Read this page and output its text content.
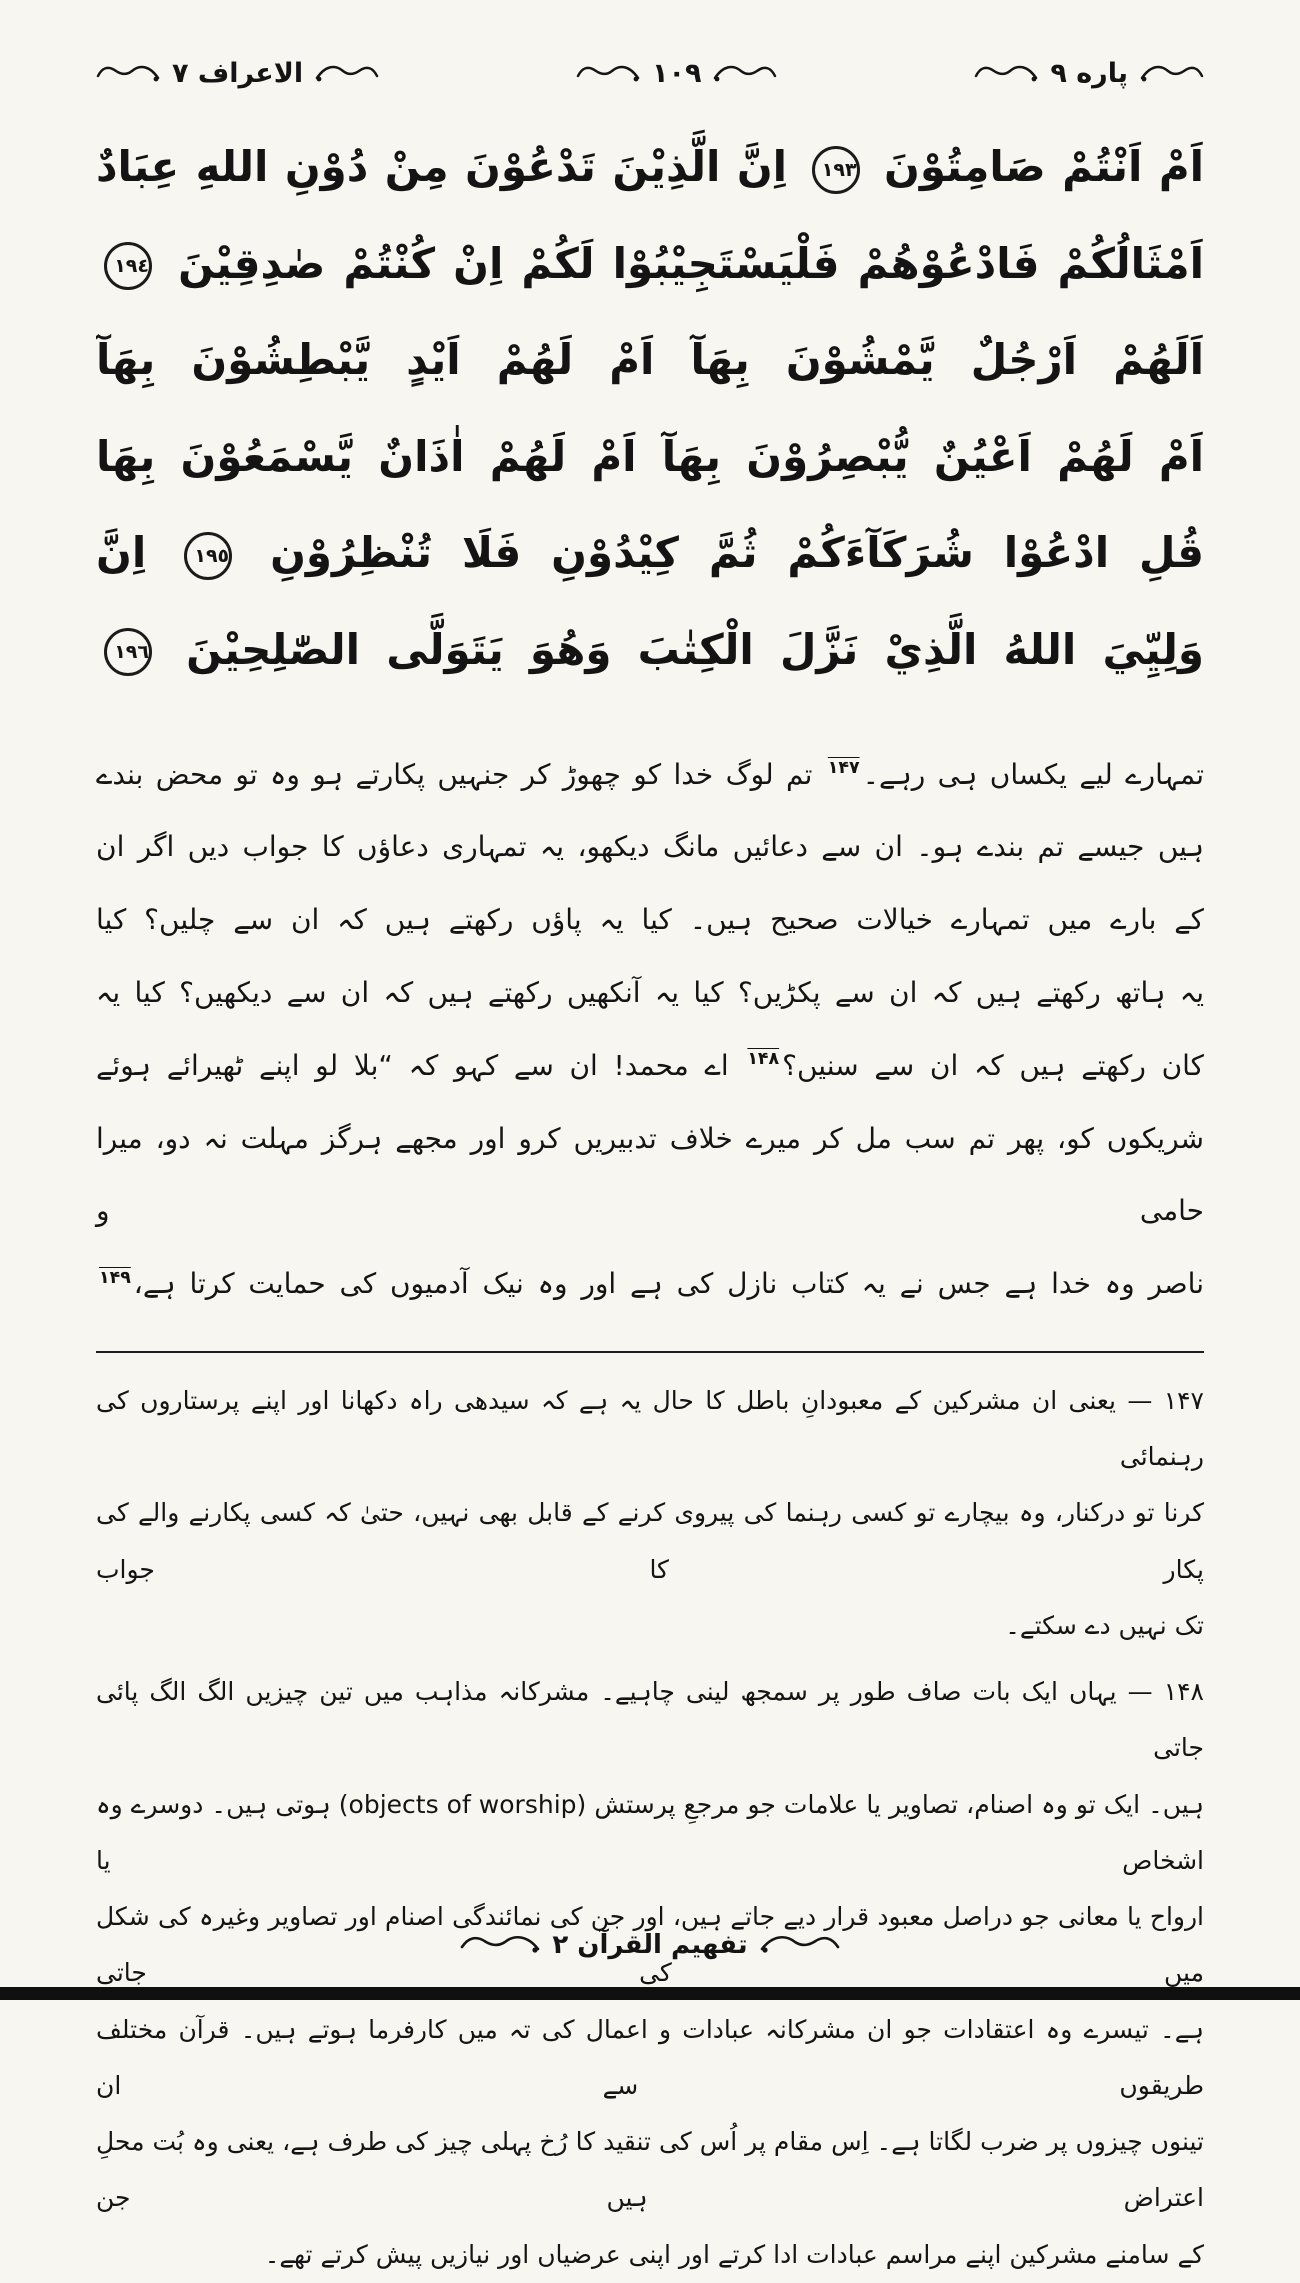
پاره ۹
۱۰۹
الاعراف ۷
اَمْ اَنْتُمْ صَامِتُوْنَ ١٩٣ اِنَّ الَّذِيْنَ تَدْعُوْنَ مِنْ دُوْنِ اللهِ عِبَادٌ
اَمْثَالُكُمْ فَادْعُوْهُمْ فَلْيَسْتَجِيْبُوْا لَكُمْ اِنْ كُنْتُمْ صٰدِقِيْنَ ١٩٤
اَلَهُمْ اَرْجُلٌ يَّمْشُوْنَ بِهَآ اَمْ لَهُمْ اَيْدٍ يَّبْطِشُوْنَ بِهَآ
اَمْ لَهُمْ اَعْيُنٌ يُّبْصِرُوْنَ بِهَآ اَمْ لَهُمْ اٰذَانٌ يَّسْمَعُوْنَ بِهَا
قُلِ ادْعُوْا شُرَكَآءَكُمْ ثُمَّ كِيْدُوْنِ فَلَا تُنْظِرُوْنِ ١٩٥ اِنَّ
وَلِيِّيَ اللهُ الَّذِيْ نَزَّلَ الْكِتٰبَ وَهُوَ يَتَوَلَّى الصّٰلِحِيْنَ ١٩٦
تمہارے لیے یکساں ہی رہے۔$^{۱۴۷}$ تم لوگ خدا کو چھوڑ کر جنہیں پکارتے ہو وہ تو محض بندے
ہیں جیسے تم بندے ہو۔ ان سے دعائیں مانگ دیکھو، یہ تمہاری دعاؤں کا جواب دیں اگر ان
کے بارے میں تمہارے خیالات صحیح ہیں۔ کیا یہ پاؤں رکھتے ہیں کہ ان سے چلیں؟ کیا
یہ ہاتھ رکھتے ہیں کہ ان سے پکڑیں؟ کیا یہ آنکھیں رکھتے ہیں کہ ان سے دیکھیں؟ کیا یہ
کان رکھتے ہیں کہ ان سے سنیں؟$^{۱۴۸}$ اے محمد! ان سے کہو کہ “بلا لو اپنے ٹھیرائے ہوئے
شریکوں کو، پھر تم سب مل کر میرے خلاف تدبیریں کرو اور مجھے ہرگز مہلت نہ دو، میرا حامی و
ناصر وہ خدا ہے جس نے یہ کتاب نازل کی ہے اور وہ نیک آدمیوں کی حمایت کرتا ہے،$^{۱۴۹}$
۱۴۷ — یعنی ان مشرکین کے معبودانِ باطل کا حال یہ ہے کہ سیدھی راہ دکھانا اور اپنے پرستاروں کی رہنمائی
کرنا تو درکنار، وہ بیچارے تو کسی رہنما کی پیروی کرنے کے قابل بھی نہیں، حتیٰ کہ کسی پکارنے والے کی پکار کا جواب
تک نہیں دے سکتے۔
۱۴۸ — یہاں ایک بات صاف طور پر سمجھ لینی چاہیے۔ مشرکانہ مذاہب میں تین چیزیں الگ الگ پائی جاتی
ہیں۔ ایک تو وہ اصنام، تصاویر یا علامات جو مرجعِ پرستش (objects of worship) ہوتی ہیں۔ دوسرے وہ اشخاص یا
ارواح یا معانی جو دراصل معبود قرار دیے جاتے ہیں، اور جن کی نمائندگی اصنام اور تصاویر وغیرہ کی شکل میں کی جاتی
ہے۔ تیسرے وہ اعتقادات جو ان مشرکانہ عبادات و اعمال کی تہ میں کارفرما ہوتے ہیں۔ قرآن مختلف طریقوں سے ان
تینوں چیزوں پر ضرب لگاتا ہے۔ اِس مقام پر اُس کی تنقید کا رُخ پہلی چیز کی طرف ہے، یعنی وہ بُت محلِ اعتراض ہیں جن
کے سامنے مشرکین اپنے مراسم عبادات ادا کرتے اور اپنی عرضیاں اور نیازیں پیش کرتے تھے۔
تفهيم القرآن ۲
